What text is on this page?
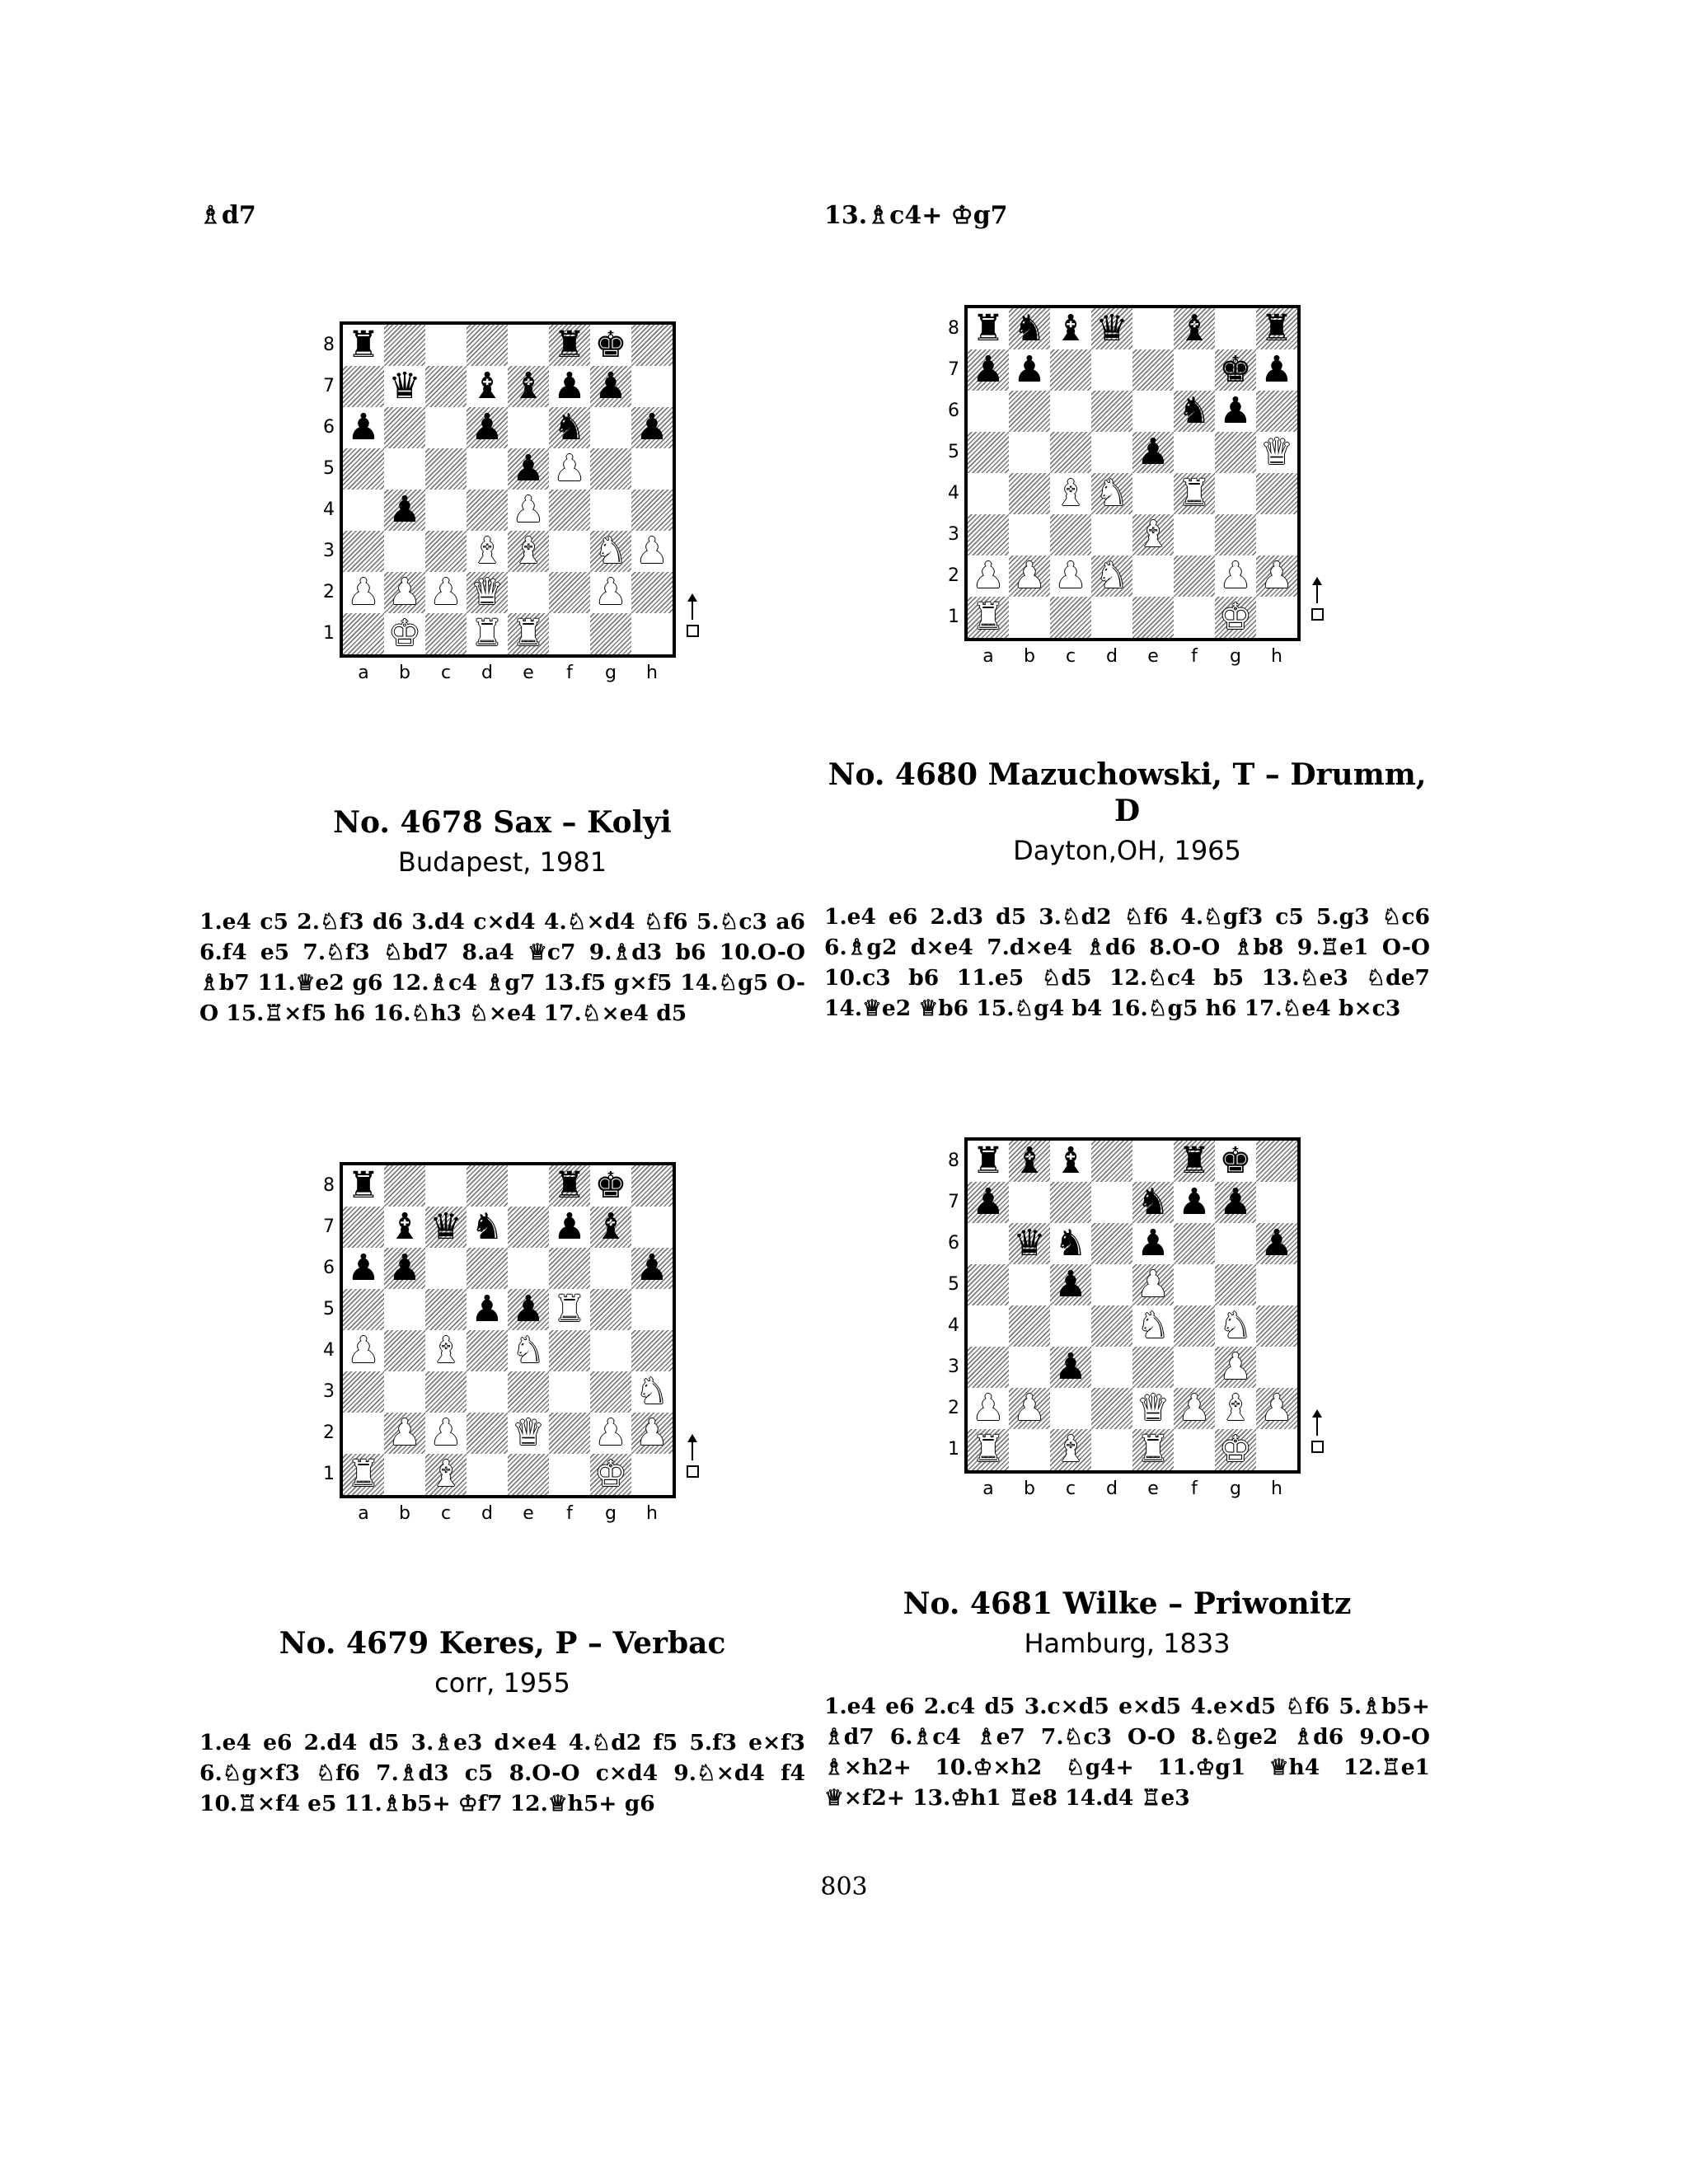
♗d7	13.♗c4+ ♔g7
♜	♜ ♚
♛ ♝ ♝ ♟ ♟
♟	♟ ♞ ♟
♟ ♟
♟	♟
♝ ♝ ♞ ♟
♟ ♟ ♟ ♛	♟
♚ ♜ ♜
8
7
6
5
4
3
2
1
a	b	c	d	e	f	g	h
♜ ♞ ♝ ♛ ♝ ♜
♟ ♟	♚ ♟
♞ ♟
♟	♛
♝ ♞ ♜
♝
♟ ♟ ♟ ♞	♟ ♟
♜	♚
8
7
6
5
4
3
2
1
a	b	c	d	e	f	g	h
♜	♜ ♚
♝ ♛ ♞ ♟ ♝
♟ ♟	♟
♟ ♟ ♜
♟ ♝ ♞
♞
♟ ♟ ♛ ♟ ♟
♜ ♝	♚
8
7
6
5
4
3
2
1
a	b	c	d	e	f	g	h
♜ ♝ ♝	♜ ♚
♟	♞ ♟ ♟
♛ ♞ ♟	♟
♟ ♟
♞ ♞
♟	♟
♟ ♟	♛ ♟ ♝ ♟
♜ ♝ ♜ ♚
8
7
6
5
4
3
2
1
a	b	c	d	e	f	g	h
No. 4678 Sax – Kolyi
Budapest, 1981
1.e4 c5 2.♘f3 d6 3.d4 c×d4 4.♘×d4 ♘f6 5.♘c3 a6 6.f4 e5 7.♘f3 ♘bd7 8.a4 ♕c7 9.♗d3 b6 10.O-O ♗b7 11.♕e2 g6 12.♗c4 ♗g7 13.f5 g×f5 14.♘g5 O-O 15.♖×f5 h6 16.♘h3 ♘×e4 17.♘×e4 d5
No. 4680 Mazuchowski, T – Drumm, D
Dayton,OH, 1965
1.e4 e6 2.d3 d5 3.♘d2 ♘f6 4.♘gf3 c5 5.g3 ♘c6 6.♗g2 d×e4 7.d×e4 ♗d6 8.O-O ♗b8 9.♖e1 O-O 10.c3 b6 11.e5 ♘d5 12.♘c4 b5 13.♘e3 ♘de7 14.♕e2 ♕b6 15.♘g4 b4 16.♘g5 h6 17.♘e4 b×c3
No. 4679 Keres, P – Verbac
corr, 1955
1.e4 e6 2.d4 d5 3.♗e3 d×e4 4.♘d2 f5 5.f3 e×f3 6.♘g×f3 ♘f6 7.♗d3 c5 8.O-O c×d4 9.♘×d4 f4 10.♖×f4 e5 11.♗b5+ ♔f7 12.♕h5+ g6
No. 4681 Wilke – Priwonitz
Hamburg, 1833
1.e4 e6 2.c4 d5 3.c×d5 e×d5 4.e×d5 ♘f6 5.♗b5+ ♗d7 6.♗c4 ♗e7 7.♘c3 O-O 8.♘ge2 ♗d6 9.O-O ♗×h2+ 10.♔×h2 ♘g4+ 11.♔g1 ♕h4 12.♖e1 ♕×f2+ 13.♔h1 ♖e8 14.d4 ♖e3
803
